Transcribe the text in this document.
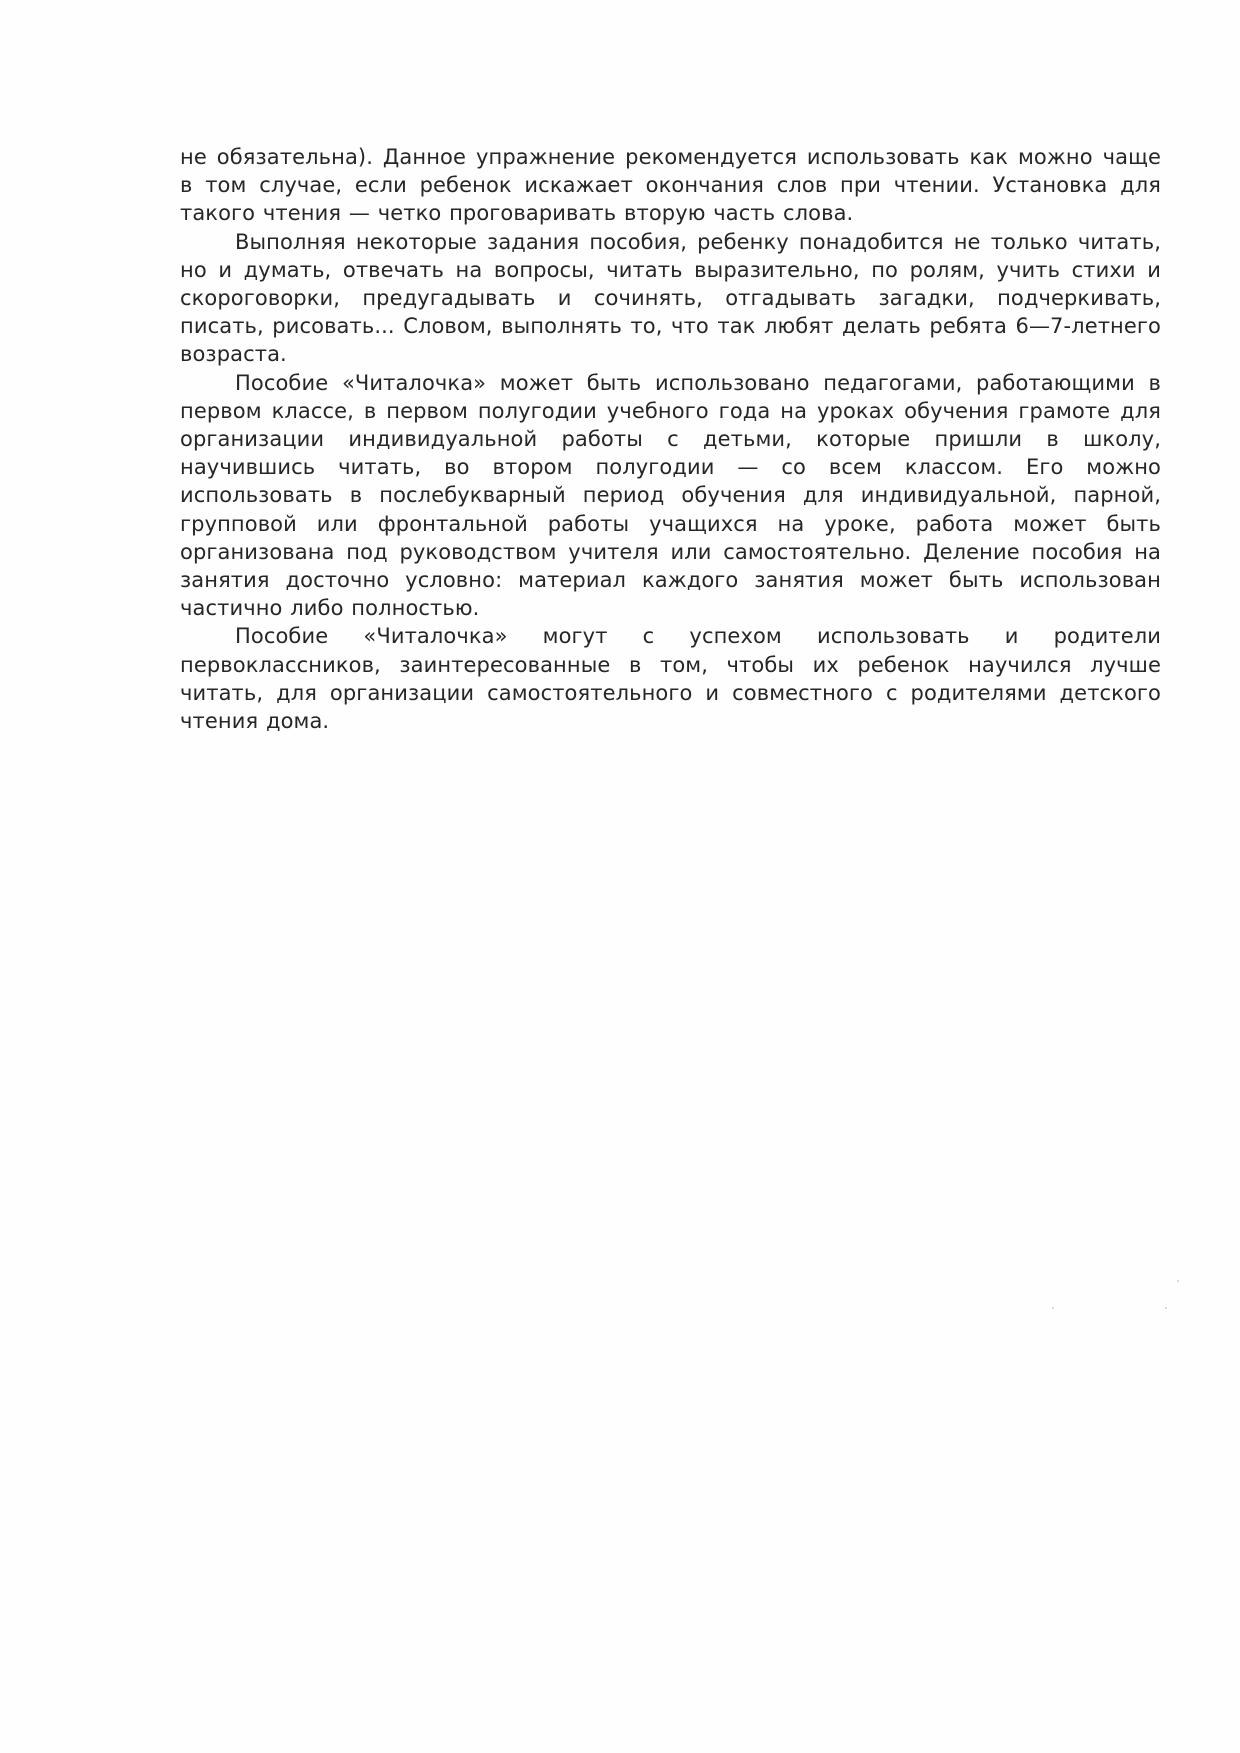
не обязательна). Данное упражнение рекомендуется использовать как можно чаще в том случае, если ребенок искажает окончания слов при чтении. Установка для такого чтения — четко проговаривать вторую часть слова.

Выполняя некоторые задания пособия, ребенку понадобится не только читать, но и думать, отвечать на вопросы, читать выразительно, по ролям, учить стихи и скороговорки, предугадывать и сочинять, отгадывать загадки, подчеркивать, писать, рисовать... Словом, выполнять то, что так любят делать ребята 6—7-летнего возраста.

Пособие «Читалочка» может быть использовано педагогами, работающими в первом классе, в первом полугодии учебного года на уроках обучения грамоте для организации индивидуальной работы с детьми, которые пришли в школу, научившись читать, во втором полугодии — со всем классом. Его можно использовать в послебукварный период обучения для индивидуальной, парной, групповой или фронтальной работы учащихся на уроке, работа может быть организована под руководством учителя или самостоятельно. Деление пособия на занятия досточно условно: материал каждого занятия может быть использован частично либо полностью.

Пособие «Читалочка» могут с успехом использовать и родители первоклассников, заинтересованные в том, чтобы их ребенок научился лучше читать, для организации самостоятельного и совместного с родителями детского чтения дома.
